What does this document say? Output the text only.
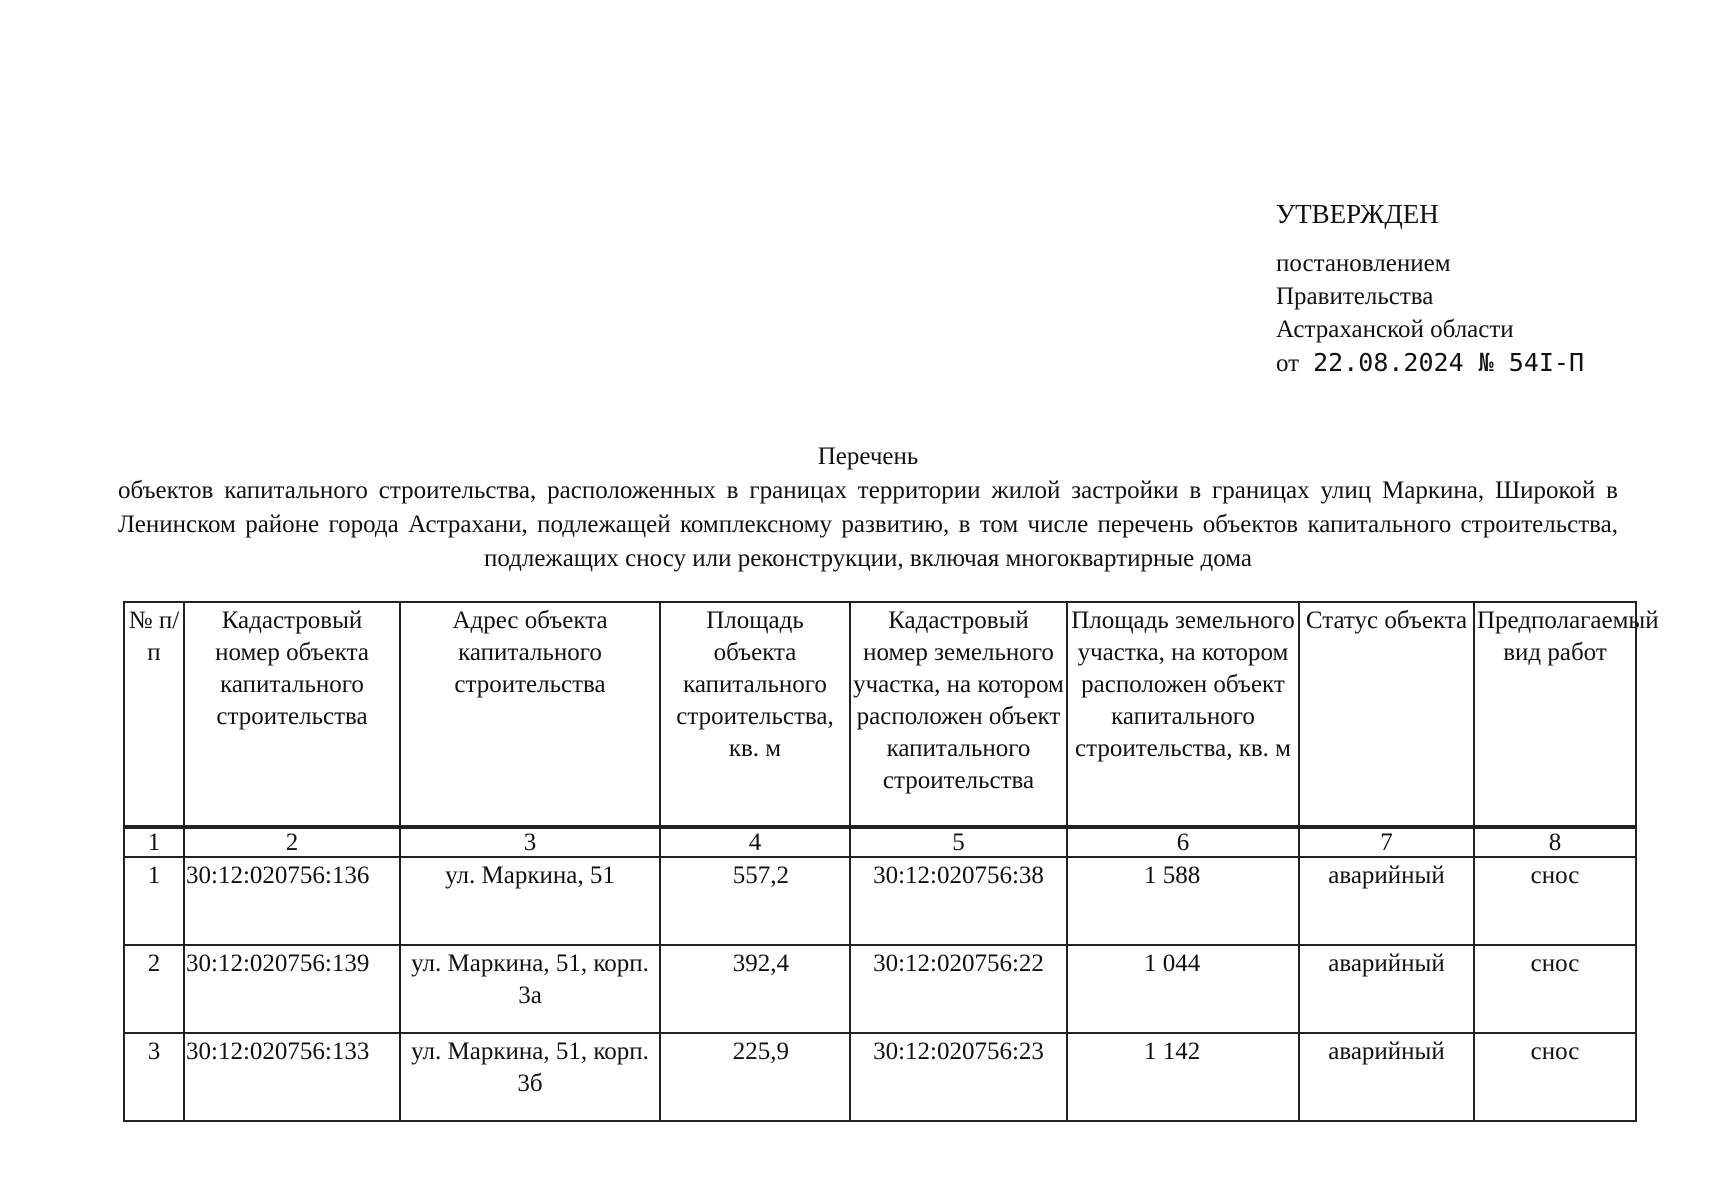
УТВЕРЖДЕН
постановлением
Правительства
Астраханской области
от 22.08.2024 № 54I-П
Перечень
объектов капитального строительства, расположенных в границах территории жилой застройки в границах улиц Маркина, Широкой в Ленинском районе города Астрахани, подлежащей комплексному развитию, в том числе перечень объектов капитального строительства, подлежащих сносу или реконструкции, включая многоквартирные дома
№ п/п	Кадастровый номер объекта капитального строительства	Адрес объекта капитального строительства	Площадь объекта капитального строительства, кв. м	Кадастровый номер земельного участка, на котором расположен объект капитального строительства	Площадь земельного участка, на котором расположен объект капитального строительства, кв. м	Статус объекта	Предполагаемый вид работ
1	2	3	4	5	6	7	8
1	30:12:020756:136	ул. Маркина, 51	557,2	30:12:020756:38	1 588	аварийный	снос
2	30:12:020756:139	ул. Маркина, 51, корп. 3а	392,4	30:12:020756:22	1 044	аварийный	снос
3	30:12:020756:133	ул. Маркина, 51, корп. 3б	225,9	30:12:020756:23	1 142	аварийный	снос
